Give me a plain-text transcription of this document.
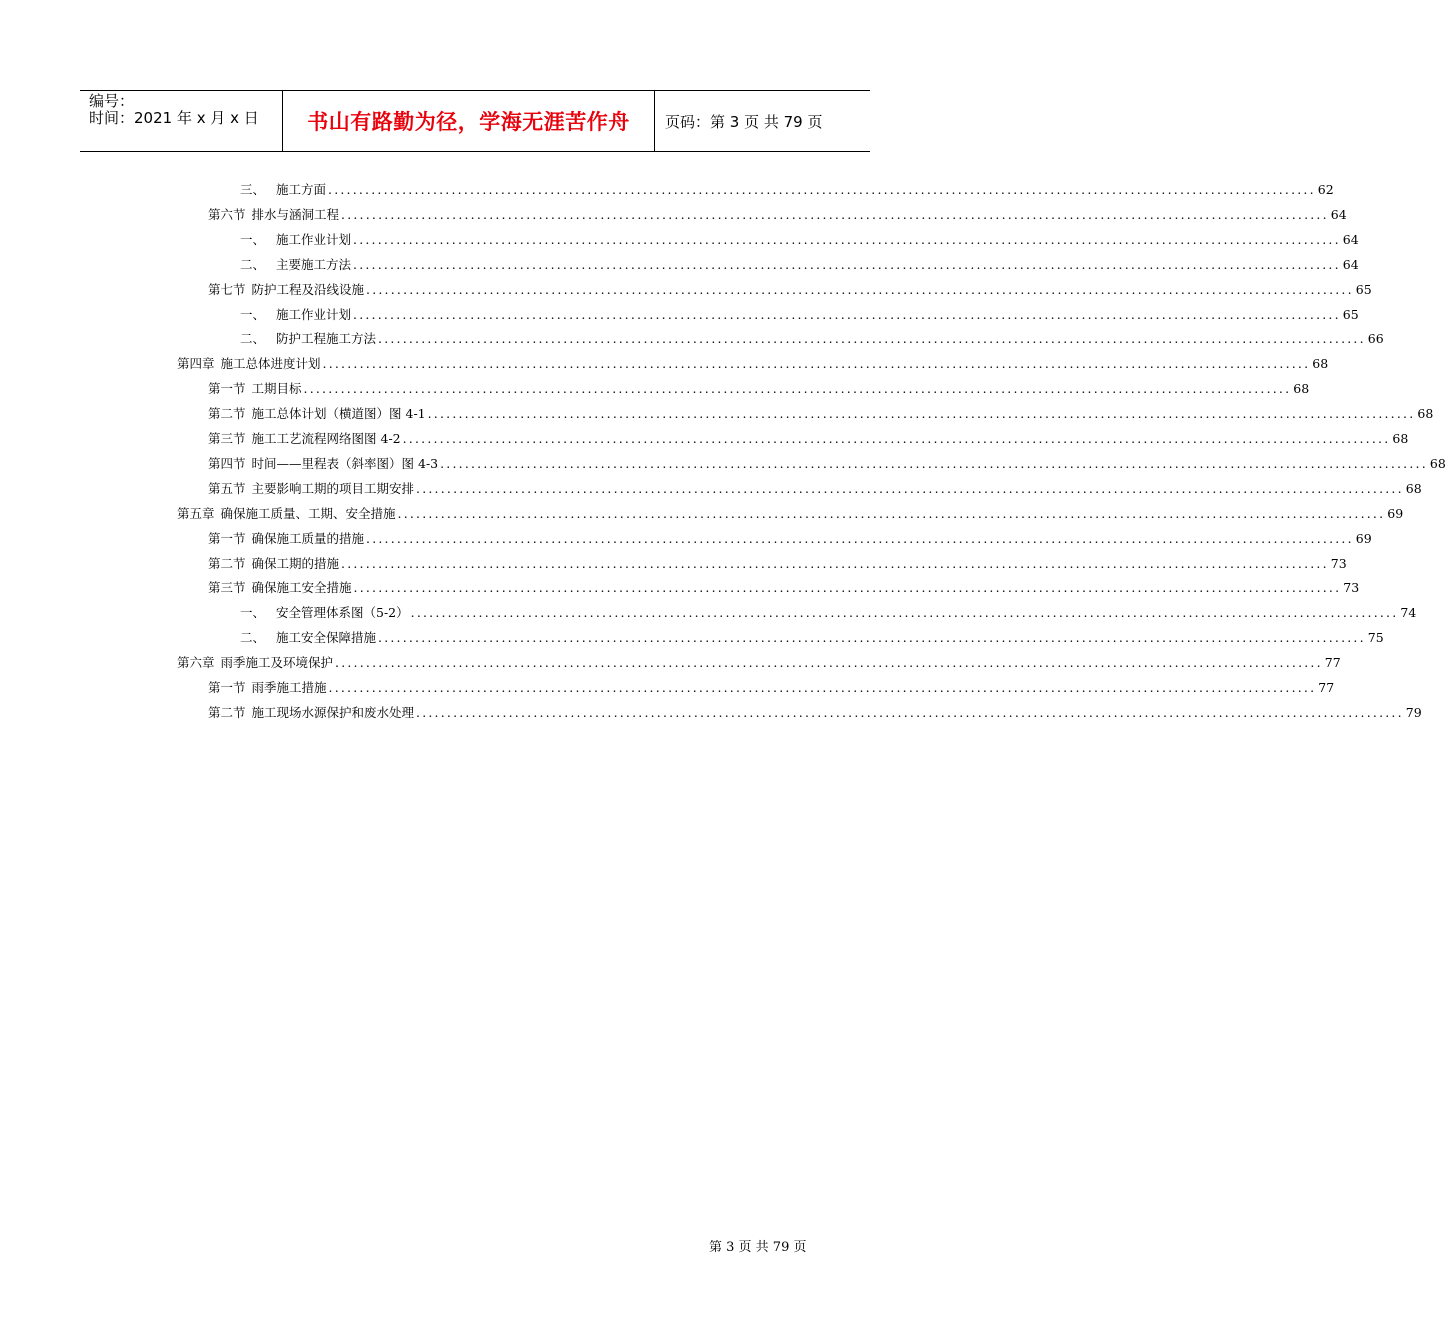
编号：
时间：2021 年 x 月 x 日	书山有路勤为径，学海无涯苦作舟	页码：第 3 页 共 79 页
三、 施工方面 ................................................................................................................................................................ 62
第六节 排水与涵洞工程 ................................................................................................................................................................ 64
一、 施工作业计划 ................................................................................................................................................................ 64
二、 主要施工方法 ................................................................................................................................................................ 64
第七节 防护工程及沿线设施 ................................................................................................................................................................ 65
一、 施工作业计划 ................................................................................................................................................................ 65
二、 防护工程施工方法 ................................................................................................................................................................ 66
第四章 施工总体进度计划 ................................................................................................................................................................ 68
第一节 工期目标 ................................................................................................................................................................ 68
第二节 施工总体计划（横道图）图 4-1 ................................................................................................................................................................ 68
第三节 施工工艺流程网络图图 4-2 ................................................................................................................................................................ 68
第四节 时间——里程表（斜率图）图 4-3 ................................................................................................................................................................ 68
第五节 主要影响工期的项目工期安排 ................................................................................................................................................................ 68
第五章 确保施工质量、工期、安全措施 ................................................................................................................................................................ 69
第一节 确保施工质量的措施 ................................................................................................................................................................ 69
第二节 确保工期的措施 ................................................................................................................................................................ 73
第三节 确保施工安全措施 ................................................................................................................................................................ 73
一、 安全管理体系图（5-2） ................................................................................................................................................................ 74
二、 施工安全保障措施 ................................................................................................................................................................ 75
第六章 雨季施工及环境保护 ................................................................................................................................................................ 77
第一节 雨季施工措施 ................................................................................................................................................................ 77
第二节 施工现场水源保护和废水处理 ................................................................................................................................................................ 79
第 3 页 共 79 页
